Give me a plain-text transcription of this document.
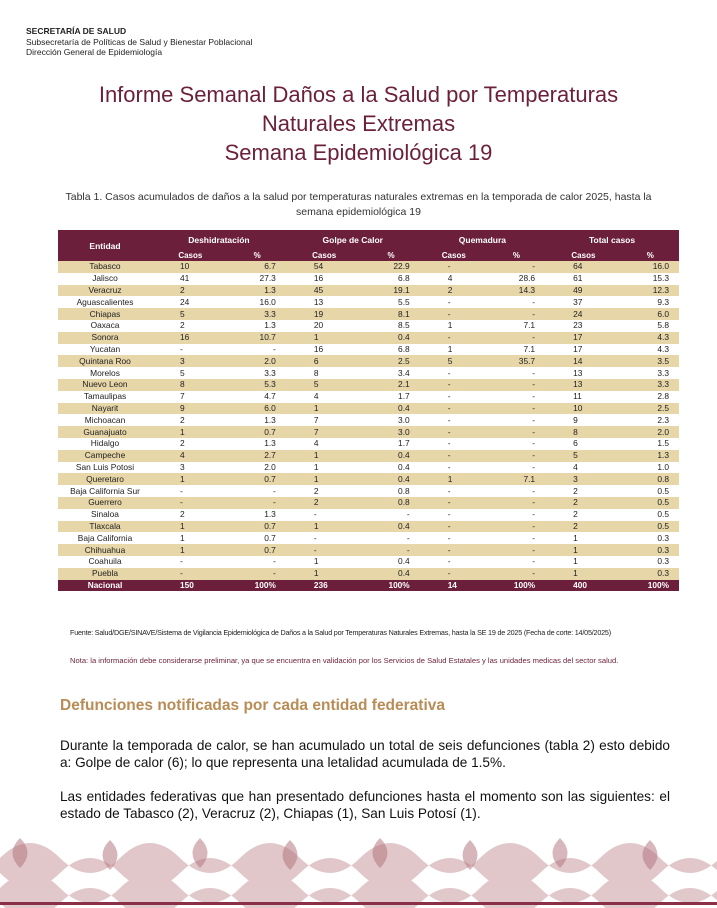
SECRETARÍA DE SALUD
Subsecretaría de Políticas de Salud y Bienestar Poblacional
Dirección General de Epidemiología
Informe Semanal Daños a la Salud por Temperaturas
Naturales Extremas
Semana Epidemiológica 19
Tabla 1. Casos acumulados de daños a la salud por temperaturas naturales extremas en la temporada de calor 2025, hasta la semana epidemiológica 19
Entidad	Deshidratación		Golpe de Calor		Quemadura		Total casos	
	Casos	%	Casos	%	Casos	%	Casos	%
Tabasco	10	6.7	54	22.9	-	-	64	16.0
Jalisco	41	27.3	16	6.8	4	28.6	61	15.3
Veracruz	2	1.3	45	19.1	2	14.3	49	12.3
Aguascalientes	24	16.0	13	5.5	-	-	37	9.3
Chiapas	5	3.3	19	8.1	-	-	24	6.0
Oaxaca	2	1.3	20	8.5	1	7.1	23	5.8
Sonora	16	10.7	1	0.4	-	-	17	4.3
Yucatan	-	-	16	6.8	1	7.1	17	4.3
Quintana Roo	3	2.0	6	2.5	5	35.7	14	3.5
Morelos	5	3.3	8	3.4	-	-	13	3.3
Nuevo Leon	8	5.3	5	2.1	-	-	13	3.3
Tamaulipas	7	4.7	4	1.7	-	-	11	2.8
Nayarit	9	6.0	1	0.4	-	-	10	2.5
Michoacan	2	1.3	7	3.0	-	-	9	2.3
Guanajuato	1	0.7	7	3.0	-	-	8	2.0
Hidalgo	2	1.3	4	1.7	-	-	6	1.5
Campeche	4	2.7	1	0.4	-	-	5	1.3
San Luis Potosi	3	2.0	1	0.4	-	-	4	1.0
Queretaro	1	0.7	1	0.4	1	7.1	3	0.8
Baja California Sur	-	-	2	0.8	-	-	2	0.5
Guerrero	-	-	2	0.8	-	-	2	0.5
Sinaloa	2	1.3	-	-	-	-	2	0.5
Tlaxcala	1	0.7	1	0.4	-	-	2	0.5
Baja California	1	0.7	-	-	-	-	1	0.3
Chihuahua	1	0.7	-	-	-	-	1	0.3
Coahuila	-	-	1	0.4	-	-	1	0.3
Puebla	-	-	1	0.4	-	-	1	0.3
Nacional	150	100%	236	100%	14	100%	400	100%
Fuente: Salud/DGE/SINAVE/Sistema de Vigilancia Epidemiológica de Daños a la Salud por Temperaturas Naturales Extremas, hasta la SE 19 de 2025 (Fecha de corte: 14/05/2025)
Nota: la información debe considerarse preliminar, ya que se encuentra en validación por los Servicios de Salud Estatales y las unidades medicas del sector salud.
Defunciones notificadas por cada entidad federativa
Durante la temporada de calor, se han acumulado un total de seis defunciones (tabla 2) esto debido a: Golpe de calor (6); lo que representa una letalidad acumulada de 1.5%.
Las entidades federativas que han presentado defunciones hasta el momento son las siguientes: el estado de Tabasco (2), Veracruz (2), Chiapas (1), San Luis Potosí (1).
